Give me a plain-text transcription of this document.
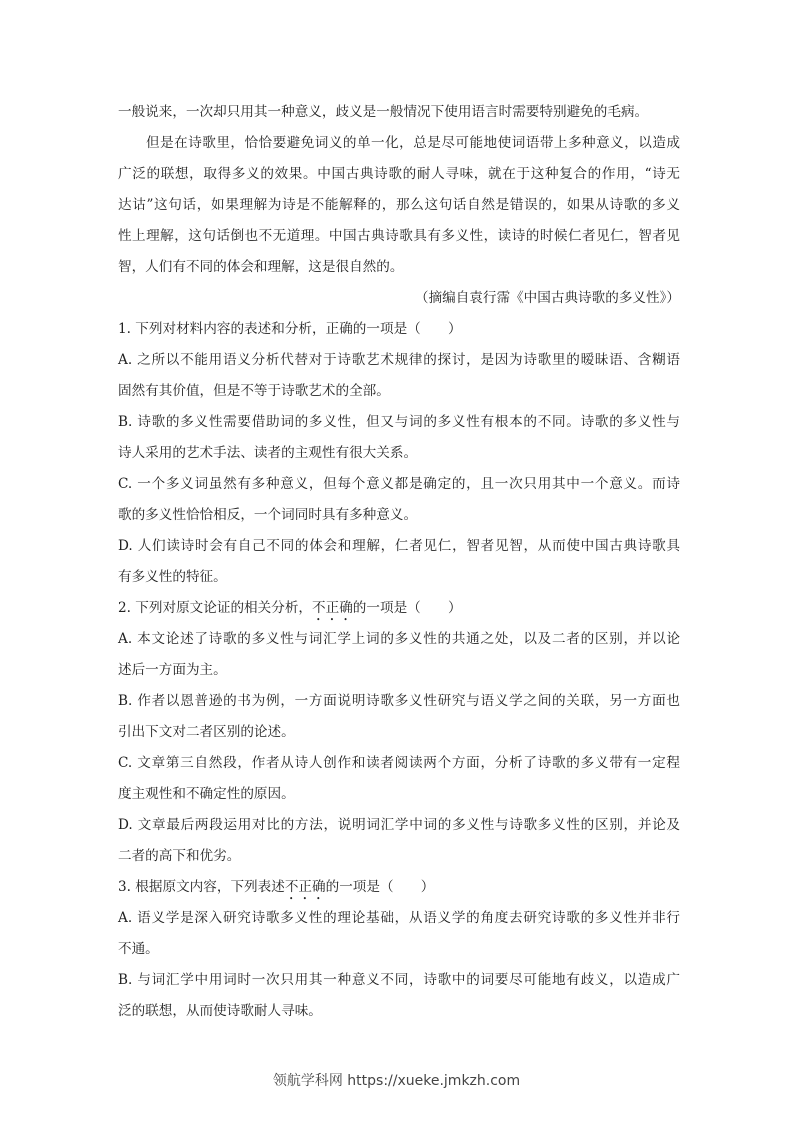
一般说来，一次却只用其一种意义，歧义是一般情况下使用语言时需要特别避免的毛病。
但是在诗歌里，恰恰要避免词义的单一化，总是尽可能地使词语带上多种意义，以造成
广泛的联想，取得多义的效果。中国古典诗歌的耐人寻味，就在于这种复合的作用，“诗无
达诂”这句话，如果理解为诗是不能解释的，那么这句话自然是错误的，如果从诗歌的多义
性上理解，这句话倒也不无道理。中国古典诗歌具有多义性，读诗的时候仁者见仁，智者见
智，人们有不同的体会和理解，这是很自然的。
（摘编自袁行霈《中国古典诗歌的多义性》）
1. 下列对材料内容的表述和分析，正确的一项是（　　）
A. 之所以不能用语义分析代替对于诗歌艺术规律的探讨，是因为诗歌里的暧昧语、含糊语
固然有其价值，但是不等于诗歌艺术的全部。
B. 诗歌的多义性需要借助词的多义性，但又与词的多义性有根本的不同。诗歌的多义性与
诗人采用的艺术手法、读者的主观性有很大关系。
C. 一个多义词虽然有多种意义，但每个意义都是确定的，且一次只用其中一个意义。而诗
歌的多义性恰恰相反，一个词同时具有多种意义。
D. 人们读诗时会有自己不同的体会和理解，仁者见仁，智者见智，从而使中国古典诗歌具
有多义性的特征。
2. 下列对原文论证的相关分析，不正确的一项是（　　）
A. 本文论述了诗歌的多义性与词汇学上词的多义性的共通之处，以及二者的区别，并以论
述后一方面为主。
B. 作者以恩普逊的书为例，一方面说明诗歌多义性研究与语义学之间的关联，另一方面也
引出下文对二者区别的论述。
C. 文章第三自然段，作者从诗人创作和读者阅读两个方面，分析了诗歌的多义带有一定程
度主观性和不确定性的原因。
D. 文章最后两段运用对比的方法，说明词汇学中词的多义性与诗歌多义性的区别，并论及
二者的高下和优劣。
3. 根据原文内容，下列表述不正确的一项是（　　）
A. 语义学是深入研究诗歌多义性的理论基础，从语义学的角度去研究诗歌的多义性并非行
不通。
B. 与词汇学中用词时一次只用其一种意义不同，诗歌中的词要尽可能地有歧义，以造成广
泛的联想，从而使诗歌耐人寻味。
领航学科网 https://xueke.jmkzh.com
